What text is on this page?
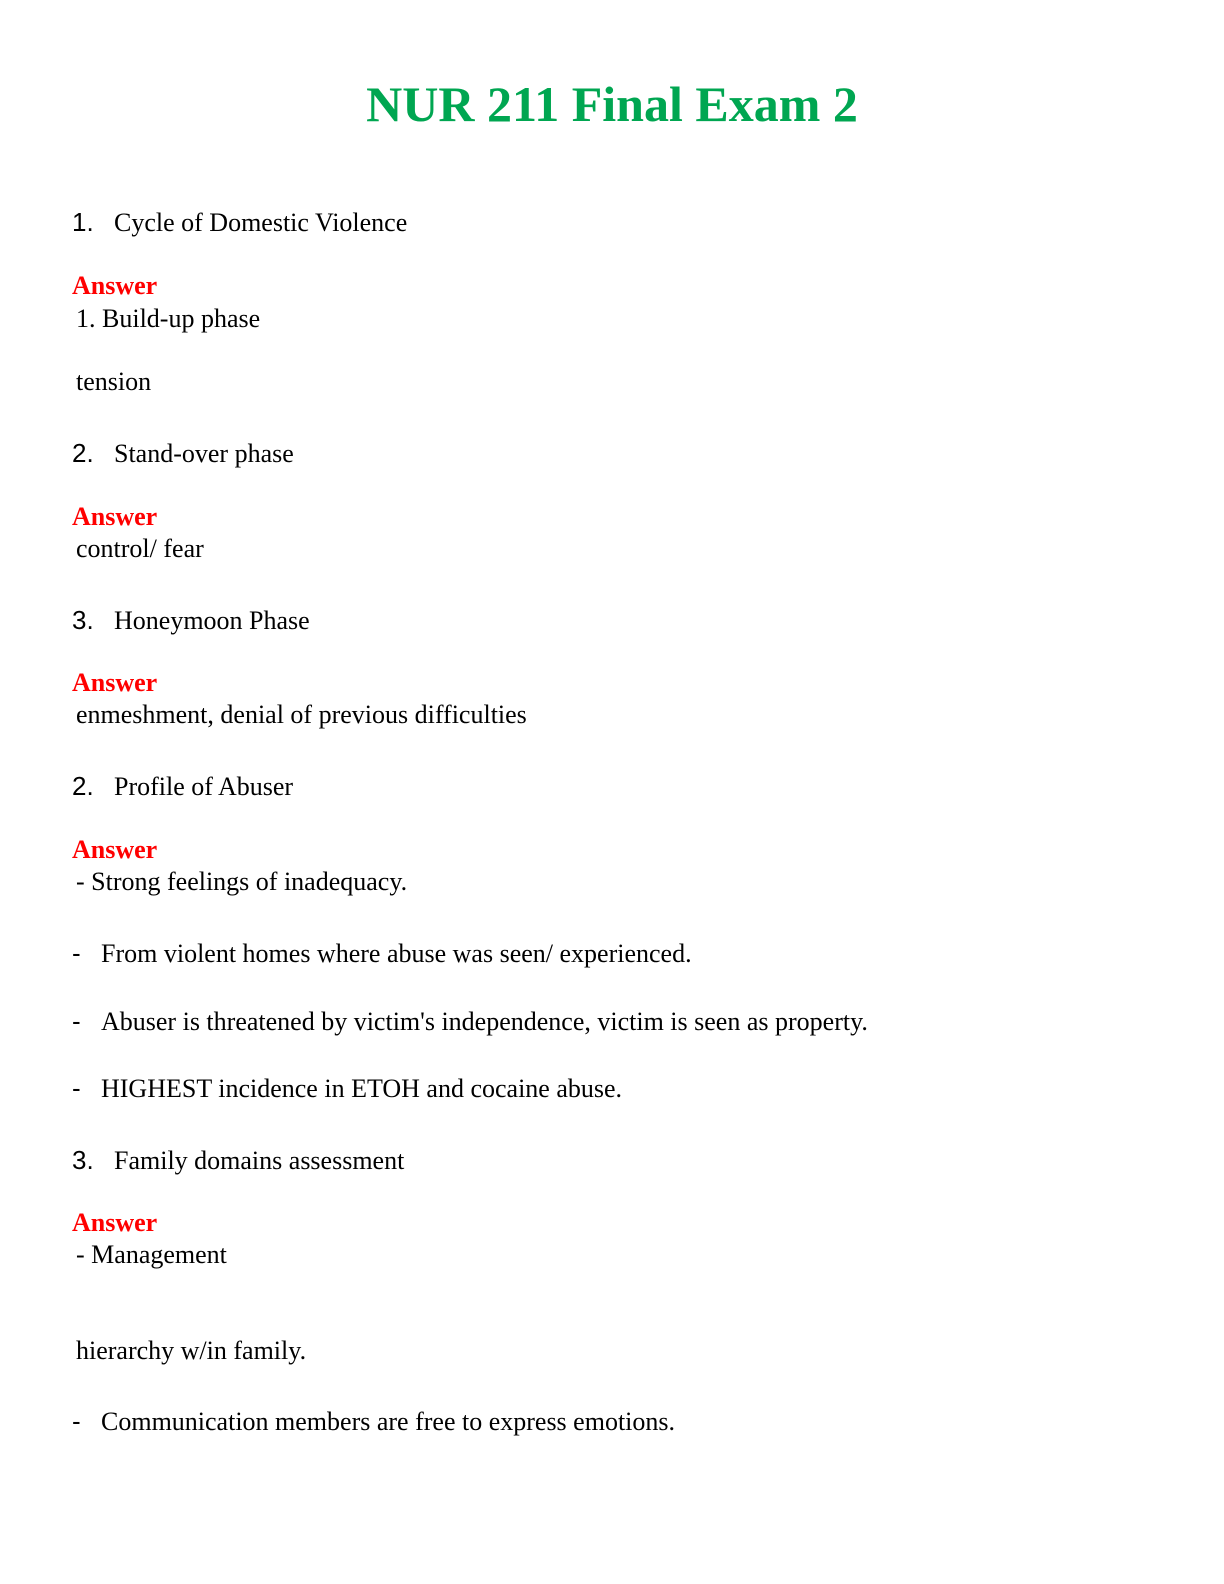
NUR 211 Final Exam 2
1. Cycle of Domestic Violence
Answer
1. Build-up phase
tension
2. Stand-over phase
Answer
control/ fear
3. Honeymoon Phase
Answer
enmeshment, denial of previous difficulties
2. Profile of Abuser
Answer
- Strong feelings of inadequacy.
- From violent homes where abuse was seen/ experienced.
- Abuser is threatened by victim's independence, victim is seen as property.
- HIGHEST incidence in ETOH and cocaine abuse.
3. Family domains assessment
Answer
- Management
hierarchy w/in family.
- Communication members are free to express emotions.
